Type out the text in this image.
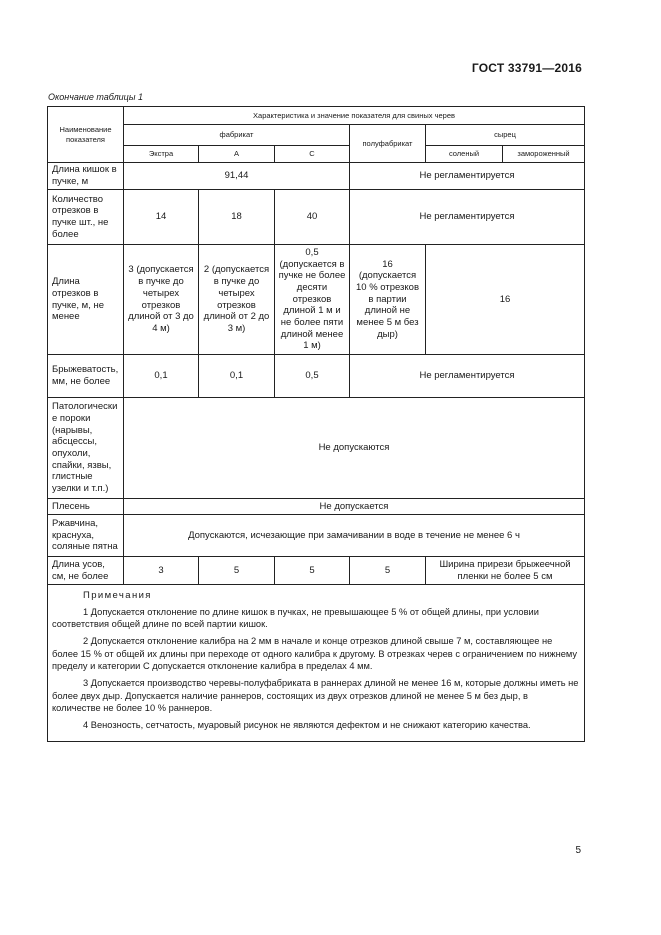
ГОСТ 33791—2016
Окончание таблицы 1
Наименование показателя	Характеристика и значение показателя для свиных черев					
	фабрикат			полуфабрикат	сырец	
	Экстра	А	С		соленый	замороженный
Длина кишок в пучке, м	91,44			Не регламентируется		
Количество отрезков в пучке шт., не более	14	18	40	Не регламентируется		
Длина отрезков в пучке, м, не менее	3 (допускается в пучке до четырех отрезков длиной от 3 до 4 м)	2 (допускается в пучке до четырех отрезков длиной от 2 до 3 м)	0,5 (допускается в пучке не более десяти отрезков длиной 1 м и не более пяти длиной менее 1 м)	16 (допускается 10 % отрезков в партии длиной не менее 5 м без дыр)	16	
Брыжеватость, мм, не более	0,1	0,1	0,5	Не регламентируется		
Патологические пороки (нарывы, абсцессы, опухоли, спайки, язвы, глистные узелки и т.п.)	Не допускаются					
Плесень	Не допускается					
Ржавчина, краснуха, соляные пятна	Допускаются, исчезающие при замачивании в воде в течение не менее 6 ч					
Длина усов, см, не более	3	5	5	5	Ширина прирези брыжеечной пленки не более 5 см	

Примечания
1 Допускается отклонение по длине кишок в пучках, не превышающее 5 % от общей длины, при условии соответствия общей длине по всей партии кишок.
2 Допускается отклонение калибра на 2 мм в начале и конце отрезков длиной свыше 7 м, составляющее не более 15 % от общей их длины при переходе от одного калибра к другому. В отрезках черев с ограничением по нижнему пределу и категории С допускается отклонение калибра в пределах 4 мм.
3 Допускается производство черевы-полуфабриката в раннерах длиной не менее 16 м, которые должны иметь не более двух дыр. Допускается наличие раннеров, состоящих из двух отрезков длиной не менее 5 м без дыр, в количестве не более 10 % раннеров.
4 Венозность, сетчатость, муаровый рисунок не являются дефектом и не снижают категорию качества.						
5
